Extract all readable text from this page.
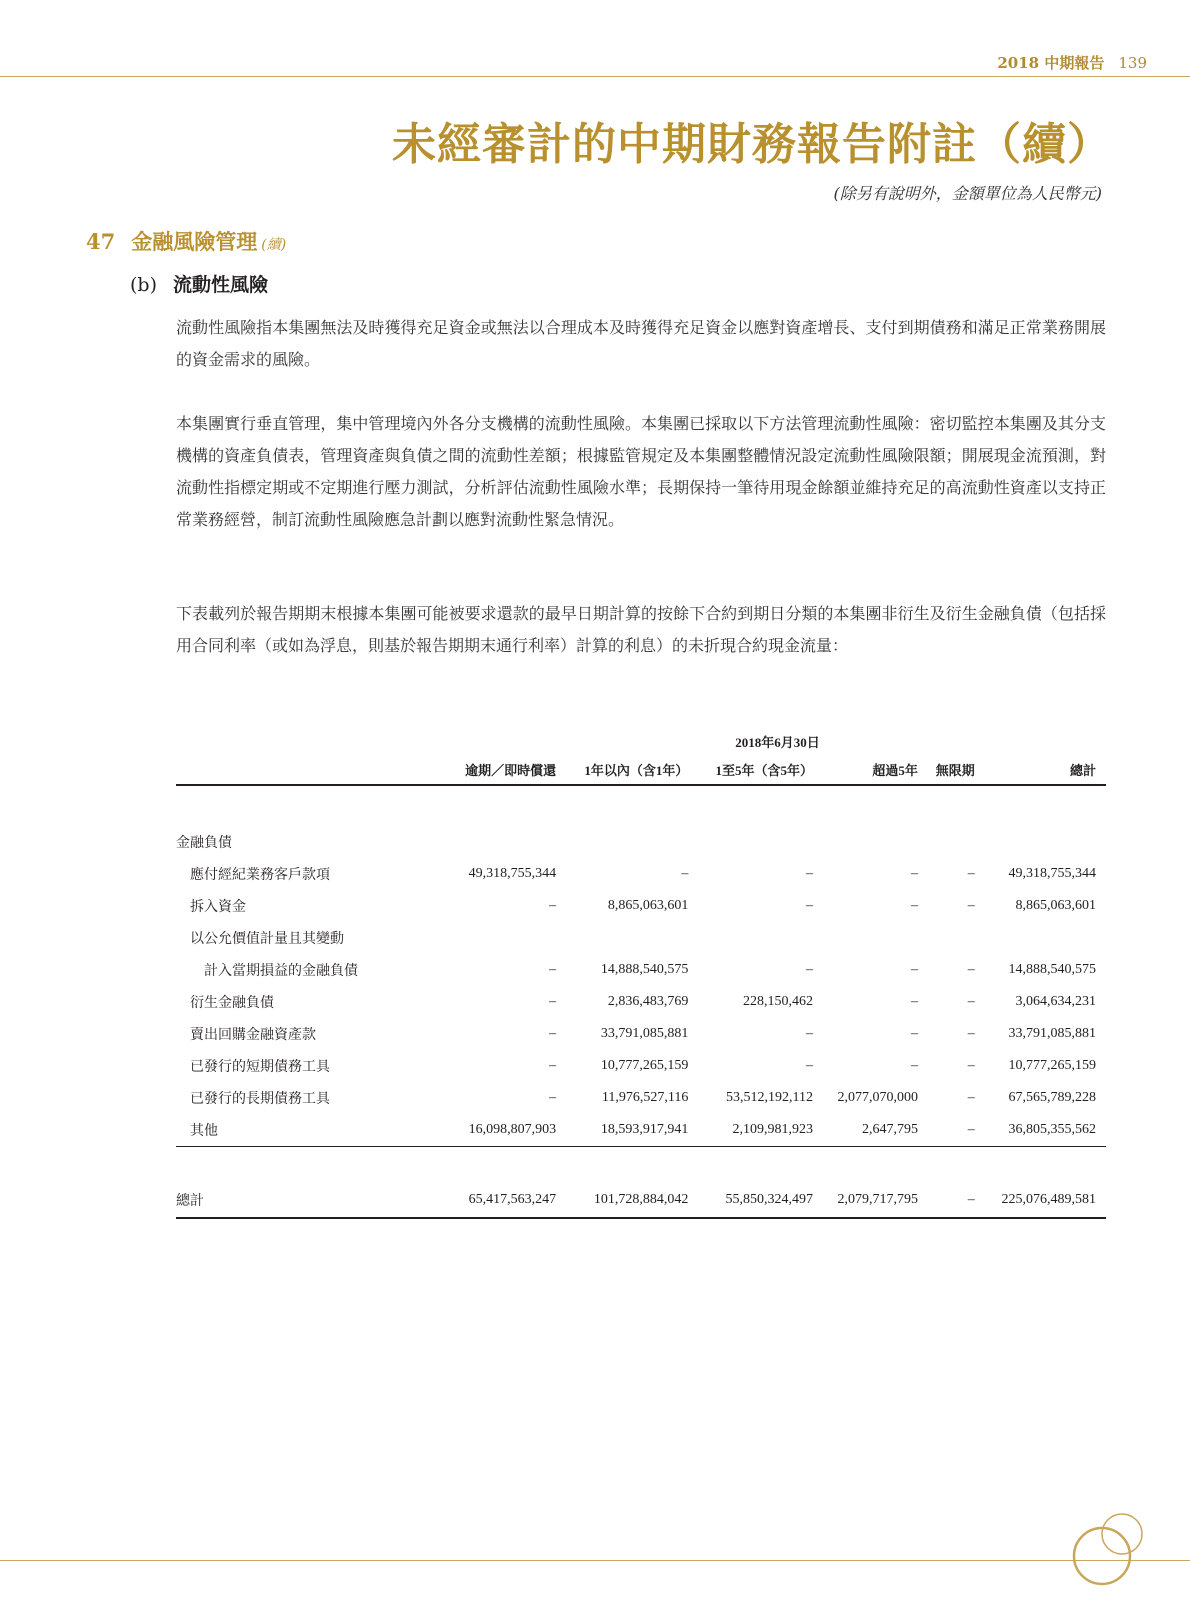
2018 中期報告 139
未經審計的中期財務報告附註（續）
(除另有說明外，金額單位為人民幣元)
47 金融風險管理 (續)
(b) 流動性風險
流動性風險指本集團無法及時獲得充足資金或無法以合理成本及時獲得充足資金以應對資產增長、支付到期債務和滿足正常業務開展的資金需求的風險。
本集團實行垂直管理，集中管理境內外各分支機構的流動性風險。本集團已採取以下方法管理流動性風險：密切監控本集團及其分支機構的資產負債表，管理資產與負債之間的流動性差額；根據監管規定及本集團整體情況設定流動性風險限額；開展現金流預測，對流動性指標定期或不定期進行壓力測試，分析評估流動性風險水準；長期保持一筆待用現金餘額並維持充足的高流動性資產以支持正常業務經營，制訂流動性風險應急計劃以應對流動性緊急情況。
下表載列於報告期期末根據本集團可能被要求還款的最早日期計算的按餘下合約到期日分類的本集團非衍生及衍生金融負債（包括採用合同利率（或如為浮息，則基於報告期期末通行利率）計算的利息）的未折現合約現金流量：
	2018年6月30日					
	逾期／即時償還	1年以內（含1年）	1至5年（含5年）	超過5年	無限期	總計

金融負債						
應付經紀業務客戶款項	49,318,755,344	–	–	–	–	49,318,755,344
拆入資金	–	8,865,063,601	–	–	–	8,865,063,601
以公允價值計量且其變動						
計入當期損益的金融負債	–	14,888,540,575	–	–	–	14,888,540,575
衍生金融負債	–	2,836,483,769	228,150,462	–	–	3,064,634,231
賣出回購金融資產款	–	33,791,085,881	–	–	–	33,791,085,881
已發行的短期債務工具	–	10,777,265,159	–	–	–	10,777,265,159
已發行的長期債務工具	–	11,976,527,116	53,512,192,112	2,077,070,000	–	67,565,789,228
其他	16,098,807,903	18,593,917,941	2,109,981,923	2,647,795	–	36,805,355,562

總計	65,417,563,247	101,728,884,042	55,850,324,497	2,079,717,795	–	225,076,489,581
